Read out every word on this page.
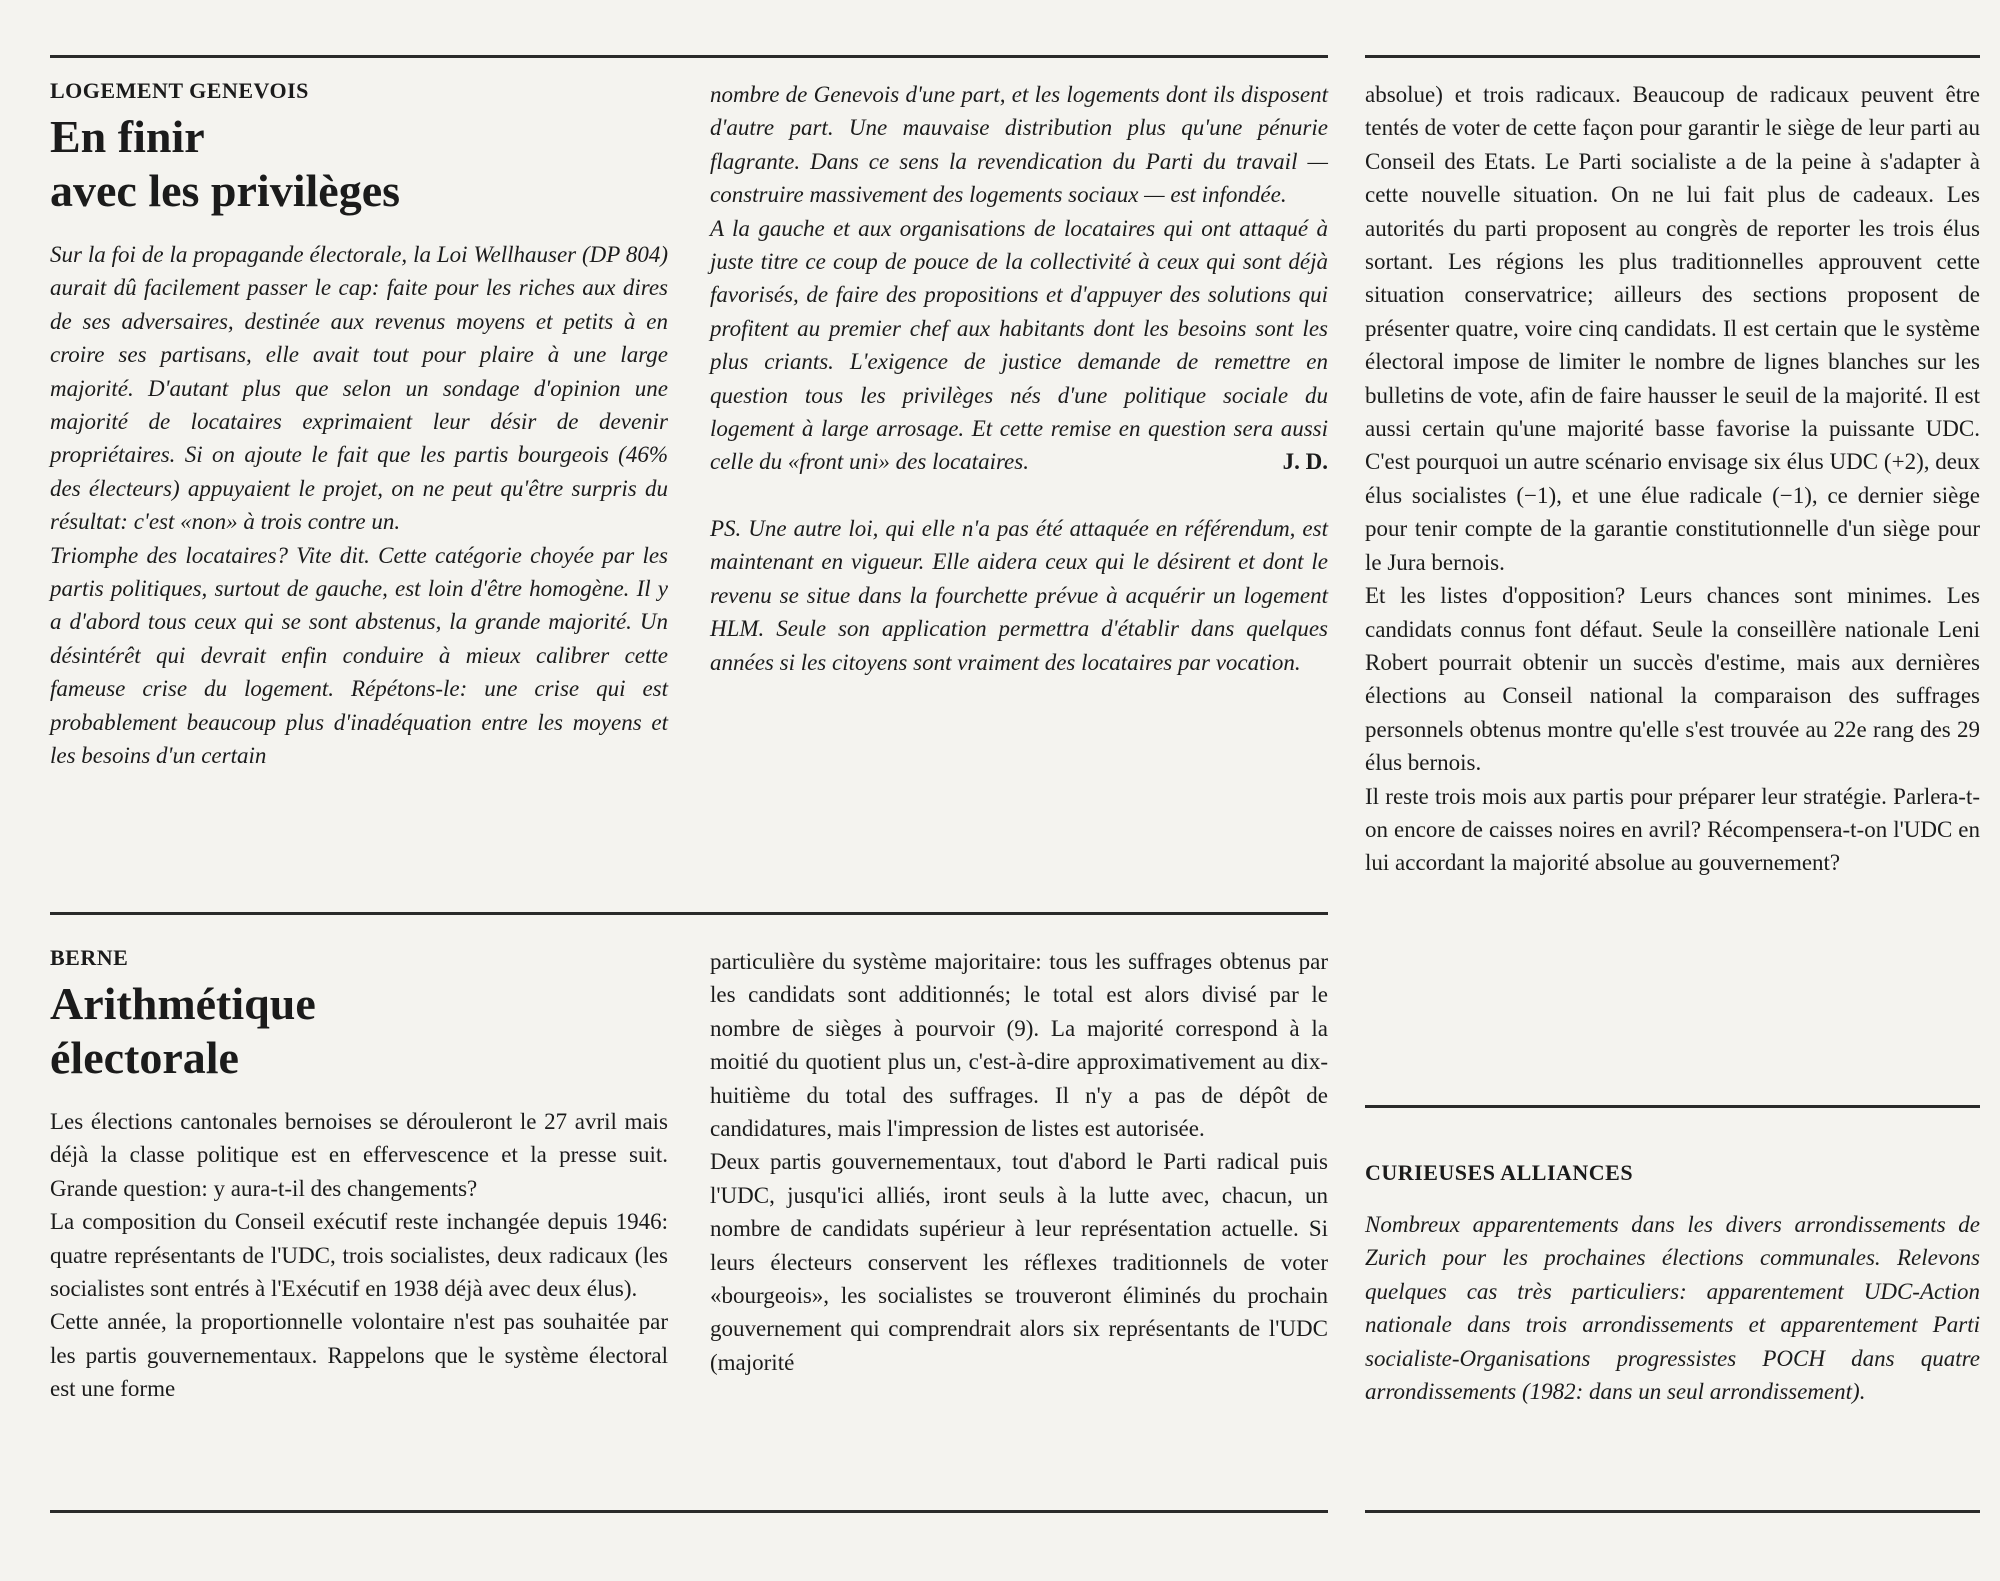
LOGEMENT GENEVOIS
En finir
avec les privilèges

Sur la foi de la propagande électorale, la Loi Wellhauser (DP 804) aurait dû facilement passer le cap: faite pour les riches aux dires de ses adversaires, destinée aux revenus moyens et petits à en croire ses partisans, elle avait tout pour plaire à une large majorité. D'autant plus que selon un sondage d'opinion une majorité de locataires exprimaient leur désir de devenir propriétaires. Si on ajoute le fait que les partis bourgeois (46% des électeurs) appuyaient le projet, on ne peut qu'être surpris du résultat: c'est «non» à trois contre un.

Triomphe des locataires? Vite dit. Cette catégorie choyée par les partis politiques, surtout de gauche, est loin d'être homogène. Il y a d'abord tous ceux qui se sont abstenus, la grande majorité. Un désintérêt qui devrait enfin conduire à mieux calibrer cette fameuse crise du logement. Répétons-le: une crise qui est probablement beaucoup plus d'inadéquation entre les moyens et les besoins d'un certain

nombre de Genevois d'une part, et les logements dont ils disposent d'autre part. Une mauvaise distribution plus qu'une pénurie flagrante. Dans ce sens la revendication du Parti du travail — construire massivement des logements sociaux — est infondée.

A la gauche et aux organisations de locataires qui ont attaqué à juste titre ce coup de pouce de la collectivité à ceux qui sont déjà favorisés, de faire des propositions et d'appuyer des solutions qui profitent au premier chef aux habitants dont les besoins sont les plus criants. L'exigence de justice demande de remettre en question tous les privilèges nés d'une politique sociale du logement à large arrosage. Et cette remise en question sera aussi celle du «front uni» des locataires.	J. D.

PS. Une autre loi, qui elle n'a pas été attaquée en référendum, est maintenant en vigueur. Elle aidera ceux qui le désirent et dont le revenu se situe dans la fourchette prévue à acquérir un logement HLM. Seule son application permettra d'établir dans quelques années si les citoyens sont vraiment des locataires par vocation.

BERNE
Arithmétique
électorale

Les élections cantonales bernoises se dérouleront le 27 avril mais déjà la classe politique est en effervescence et la presse suit. Grande question: y aura-t-il des changements?

La composition du Conseil exécutif reste inchangée depuis 1946: quatre représentants de l'UDC, trois socialistes, deux radicaux (les socialistes sont entrés à l'Exécutif en 1938 déjà avec deux élus).

Cette année, la proportionnelle volontaire n'est pas souhaitée par les partis gouvernementaux. Rappelons que le système électoral est une forme

particulière du système majoritaire: tous les suffrages obtenus par les candidats sont additionnés; le total est alors divisé par le nombre de sièges à pourvoir (9). La majorité correspond à la moitié du quotient plus un, c'est-à-dire approximativement au dix-huitième du total des suffrages. Il n'y a pas de dépôt de candidatures, mais l'impression de listes est autorisée.

Deux partis gouvernementaux, tout d'abord le Parti radical puis l'UDC, jusqu'ici alliés, iront seuls à la lutte avec, chacun, un nombre de candidats supérieur à leur représentation actuelle. Si leurs électeurs conservent les réflexes traditionnels de voter «bourgeois», les socialistes se trouveront éliminés du prochain gouvernement qui comprendrait alors six représentants de l'UDC (majorité

absolue) et trois radicaux. Beaucoup de radicaux peuvent être tentés de voter de cette façon pour garantir le siège de leur parti au Conseil des Etats. Le Parti socialiste a de la peine à s'adapter à cette nouvelle situation. On ne lui fait plus de cadeaux. Les autorités du parti proposent au congrès de reporter les trois élus sortant. Les régions les plus traditionnelles approuvent cette situation conservatrice; ailleurs des sections proposent de présenter quatre, voire cinq candidats. Il est certain que le système électoral impose de limiter le nombre de lignes blanches sur les bulletins de vote, afin de faire hausser le seuil de la majorité. Il est aussi certain qu'une majorité basse favorise la puissante UDC. C'est pourquoi un autre scénario envisage six élus UDC (+2), deux élus socialistes (−1), et une élue radicale (−1), ce dernier siège pour tenir compte de la garantie constitutionnelle d'un siège pour le Jura bernois.

Et les listes d'opposition? Leurs chances sont minimes. Les candidats connus font défaut. Seule la conseillère nationale Leni Robert pourrait obtenir un succès d'estime, mais aux dernières élections au Conseil national la comparaison des suffrages personnels obtenus montre qu'elle s'est trouvée au 22e rang des 29 élus bernois.

Il reste trois mois aux partis pour préparer leur stratégie. Parlera-t-on encore de caisses noires en avril? Récompensera-t-on l'UDC en lui accordant la majorité absolue au gouvernement?

CURIEUSES ALLIANCES

Nombreux apparentements dans les divers arrondissements de Zurich pour les prochaines élections communales. Relevons quelques cas très particuliers: apparentement UDC-Action nationale dans trois arrondissements et apparentement Parti socialiste-Organisations progressistes POCH dans quatre arrondissements (1982: dans un seul arrondissement).
